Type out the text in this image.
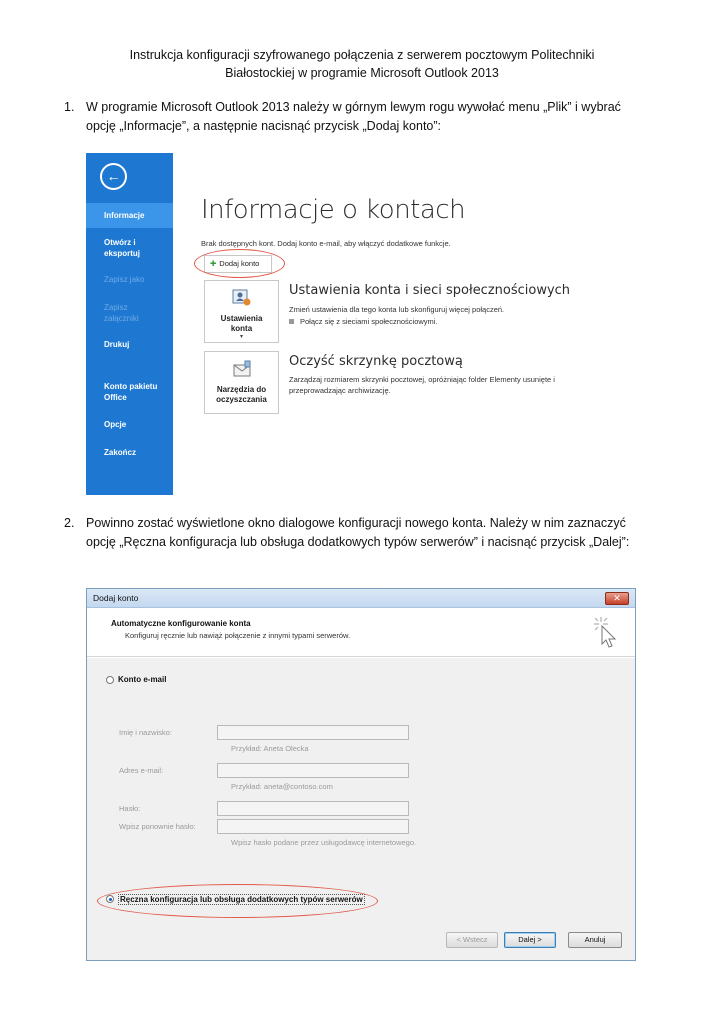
Instrukcja konfiguracji szyfrowanego połączenia z serwerem pocztowym Politechniki
Białostockiej w programie Microsoft Outlook 2013
1. W programie Microsoft Outlook 2013 należy w górnym lewym rogu wywołać menu „Plik” i wybrać opcję „Informacje”, a następnie nacisnąć przycisk „Dodaj konto”:
←
Informacje
Otwórz i eksportuj
Zapisz jako
Zapisz załączniki
Drukuj
Konto pakietu Office
Opcje
Zakończ
Informacje o kontach
Brak dostępnych kont. Dodaj konto e-mail, aby włączyć dodatkowe funkcje.
✚ Dodaj konto
Ustawienia konta
▾
Ustawienia konta i sieci społecznościowych
Zmień ustawienia dla tego konta lub skonfiguruj więcej połączeń.
Połącz się z sieciami społecznościowymi.
Narzędzia do oczyszczania
Oczyść skrzynkę pocztową
Zarządzaj rozmiarem skrzynki pocztowej, opróżniając folder Elementy usunięte i przeprowadzając archiwizację.
2. Powinno zostać wyświetlone okno dialogowe konfiguracji nowego konta. Należy w nim zaznaczyć opcję „Ręczna konfiguracja lub obsługa dodatkowych typów serwerów” i nacisnąć przycisk „Dalej”:
Dodaj konto	✕
Automatyczne konfigurowanie konta
Konfiguruj ręcznie lub nawiąż połączenie z innymi typami serwerów.
Konto e-mail
Imię i nazwisko:
Przykład: Aneta Olecka
Adres e-mail:
Przykład: aneta@contoso.com
Hasło:
Wpisz ponownie hasło:
Wpisz hasło podane przez usługodawcę internetowego.
Ręczna konfiguracja lub obsługa dodatkowych typów serwerów
< Wstecz	Dalej >	Anuluj
